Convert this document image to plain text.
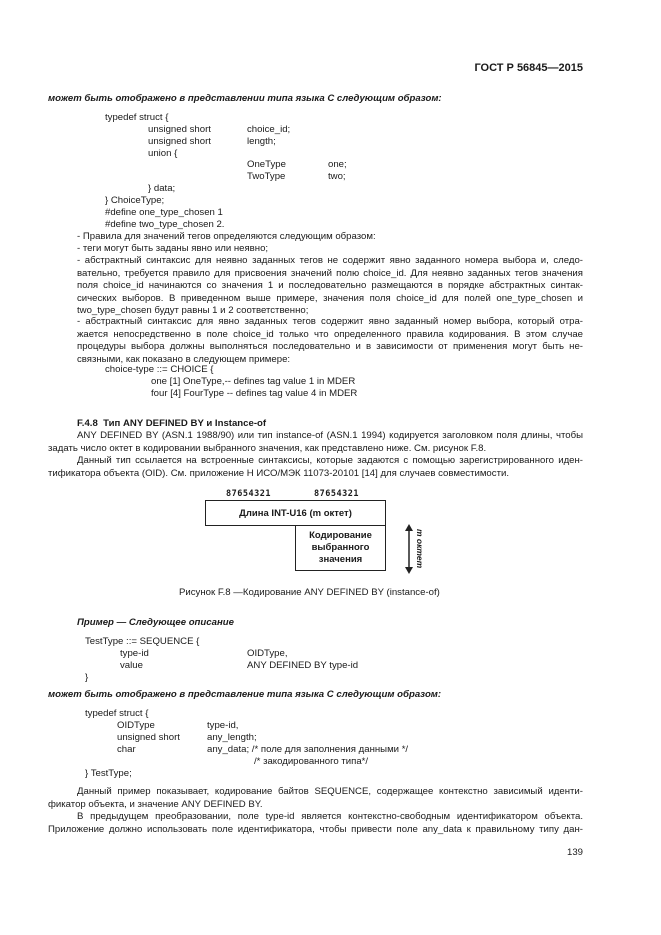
ГОСТ Р 56845—2015
может быть отображено в представлении типа языка C следующим образом:
typedef struct {
unsigned short	choice_id;
unsigned short	length;
union {
OneType	one;
TwoType	two;
} data;
} ChoiceType;
#define one_type_chosen 1
#define two_type_chosen 2.
- Правила для значений тегов определяются следующим образом:
- теги могут быть заданы явно или неявно;
- абстрактный синтаксис для неявно заданных тегов не содержит явно заданного номера выбора и, следо-
вательно, требуется правило для присвоения значений полю choice_id. Для неявно заданных тегов значения
поля choice_id начинаются со значения 1 и последовательно размещаются в порядке абстрактных синтак-
сических выборов. В приведенном выше примере, значения поля choice_id для полей one_type_chosen и
two_type_chosen будут равны 1 и 2 соответственно;
- абстрактный синтаксис для явно заданных тегов содержит явно заданный номер выбора, который отра-
жается непосредственно в поле choice_id только что определенного правила кодирования. В этом случае
процедуры выбора должны выполняться последовательно и в зависимости от применения могут быть не-
связными, как показано в следующем примере:
choice-type ::= CHOICE {
one [1] OneType,-- defines tag value 1 in MDER
four [4] FourType -- defines tag value 4 in MDER
F.4.8 Тип ANY DEFINED BY и Instance-of
ANY DEFINED BY (ASN.1 1988/90) или тип instance-of (ASN.1 1994) кодируется заголовком поля длины, чтобы
задать число октет в кодировании выбранного значения, как представлено ниже. См. рисунок F.8.
Данный тип ссылается на встроенные синтаксисы, которые задаются с помощью зарегистрированного иден-
тификатора объекта (OID). См. приложение Н ИСО/МЭК 11073-20101 [14] для случаев совместимости.
87654321	87654321
Длина INT-U16 (m октет)
Кодирование
выбранного
значения	m октет
Рисунок F.8 —Кодирование ANY DEFINED BY (instance-of)
Пример — Следующее описание
TestType ::= SEQUENCE {
type-id	OIDType,
value	ANY DEFINED BY type-id
}
может быть отображено в представление типа языка C следующим образом:
typedef struct {
OIDType	type-id,
unsigned short	any_length;
char	any_data; /* поле для заполнения данными */
/* закодированного типа*/
} TestType;
Данный пример показывает, кодирование байтов SEQUENCE, содержащее контекстно зависимый иденти-
фикатор объекта, и значение ANY DEFINED BY.
В предыдущем преобразовании, поле type-id является контекстно-свободным идентификатором объекта.
Приложение должно использовать поле идентификатора, чтобы привести поле any_data к правильному типу дан-
139
